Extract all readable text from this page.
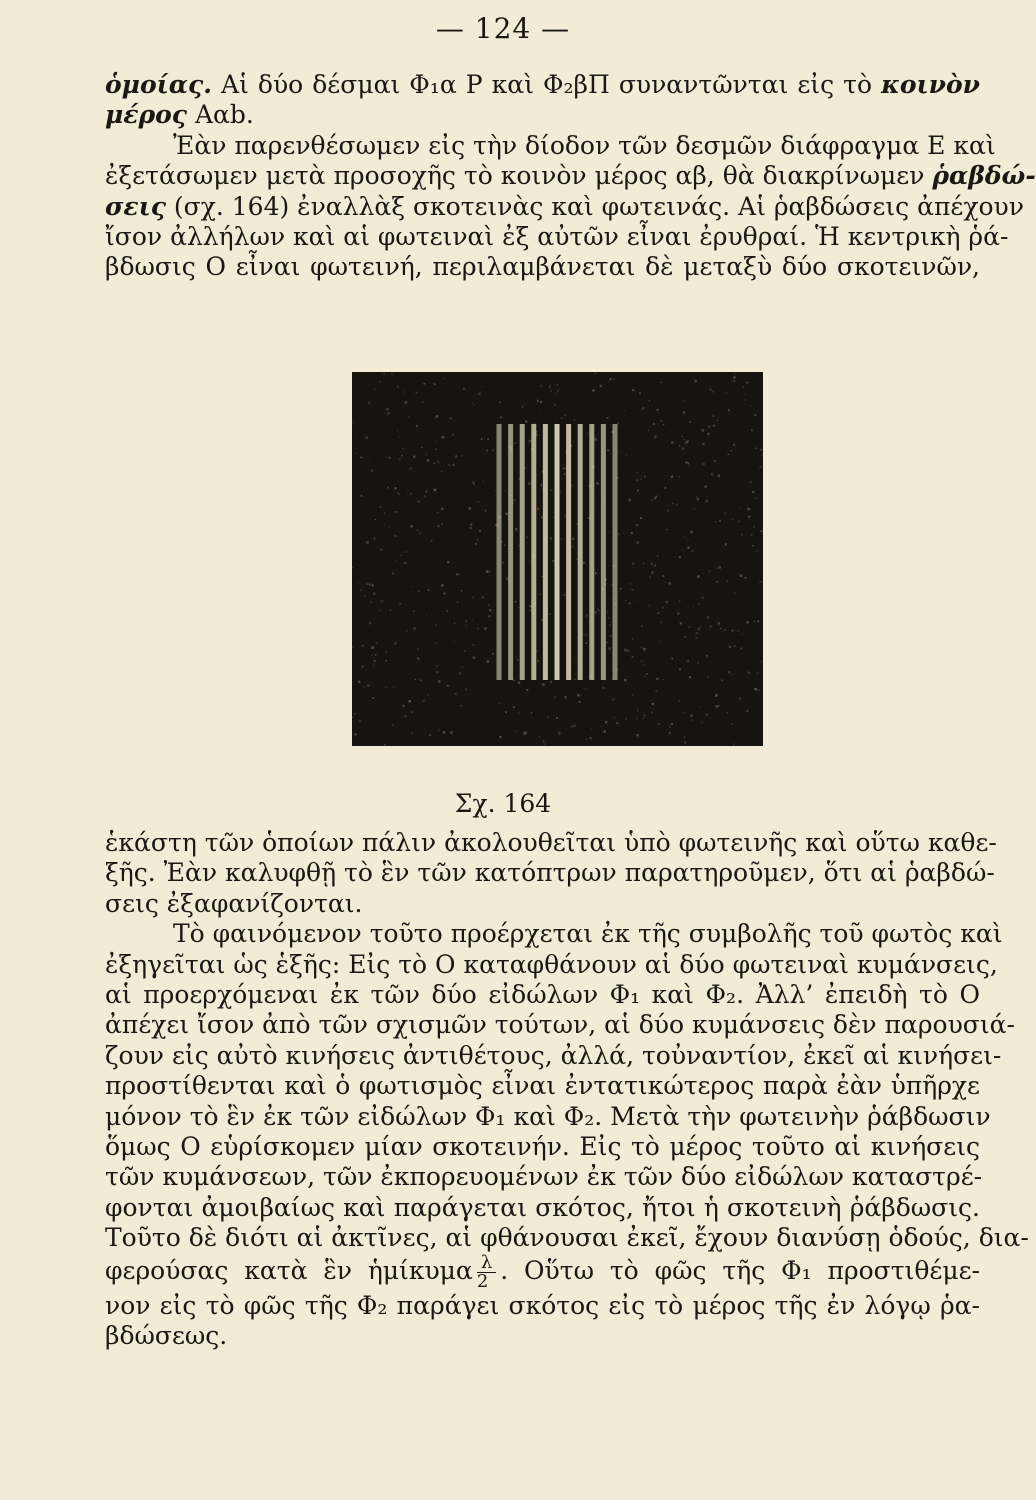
— 124 —
ὁμοίας. Αἱ δύο δέσμαι Φ₁α Ρ καὶ Φ₂βΠ συναντῶνται εἰς τὸ κοινὸν
μέρος Ααb.
Ἐὰν παρενθέσωμεν εἰς τὴν δίοδον τῶν δεσμῶν διάφραγμα Ε καὶ
ἐξετάσωμεν μετὰ προσοχῆς τὸ κοινὸν μέρος αβ, θὰ διακρίνωμεν ῥαβδώ-
σεις (σχ. 164) ἐναλλὰξ σκοτεινὰς καὶ φωτεινάς. Αἱ ῥαβδώσεις ἀπέχουν
ἴσον ἀλλήλων καὶ αἱ φωτειναὶ ἐξ αὐτῶν εἶναι ἐρυθραί. Ἡ κεντρικὴ ῥά-
βδωσις Ο εἶναι φωτεινή, περιλαμβάνεται δὲ μεταξὺ δύο σκοτεινῶν,
Σχ. 164
ἑκάστη τῶν ὁποίων πάλιν ἀκολουθεῖται ὑπὸ φωτεινῆς καὶ οὕτω καθε-
ξῆς. Ἐὰν καλυφθῇ τὸ ἓν τῶν κατόπτρων παρατηροῦμεν, ὅτι αἱ ῥαβδώ-
σεις ἐξαφανίζονται.
Τὸ φαινόμενον τοῦτο προέρχεται ἐκ τῆς συμβολῆς τοῦ φωτὸς καὶ
ἐξηγεῖται ὡς ἑξῆς: Εἰς τὸ Ο καταφθάνουν αἱ δύο φωτειναὶ κυμάνσεις,
αἱ προερχόμεναι ἐκ τῶν δύο εἰδώλων Φ₁ καὶ Φ₂. Ἀλλ’ ἐπειδὴ τὸ Ο
ἀπέχει ἴσον ἀπὸ τῶν σχισμῶν τούτων, αἱ δύο κυμάνσεις δὲν παρουσιά-
ζουν εἰς αὐτὸ κινήσεις ἀντιθέτους, ἀλλά, τοὐναντίον, ἐκεῖ αἱ κινήσει-
προστίθενται καὶ ὁ φωτισμὸς εἶναι ἐντατικώτερος παρὰ ἐὰν ὑπῆρχε
μόνον τὸ ἓν ἐκ τῶν εἰδώλων Φ₁ καὶ Φ₂. Μετὰ τὴν φωτεινὴν ῥάβδωσιν
ὅμως Ο εὑρίσκομεν μίαν σκοτεινήν. Εἰς τὸ μέρος τοῦτο αἱ κινήσεις
τῶν κυμάνσεων, τῶν ἐκπορευομένων ἐκ τῶν δύο εἰδώλων καταστρέ-
φονται ἀμοιβαίως καὶ παράγεται σκότος, ἤτοι ἡ σκοτεινὴ ῥάβδωσις.
Τοῦτο δὲ διότι αἱ ἀκτῖνες, αἱ φθάνουσαι ἐκεῖ, ἔχουν διανύσῃ ὁδούς, δια-
φερούσας κατὰ ἓν ἡμίκυμα $\frac{\lambda}{2}$ . Οὕτω τὸ φῶς τῆς Φ₁ προστιθέμε-
νον εἰς τὸ φῶς τῆς Φ₂ παράγει σκότος εἰς τὸ μέρος τῆς ἐν λόγῳ ῥα-
βδώσεως.
